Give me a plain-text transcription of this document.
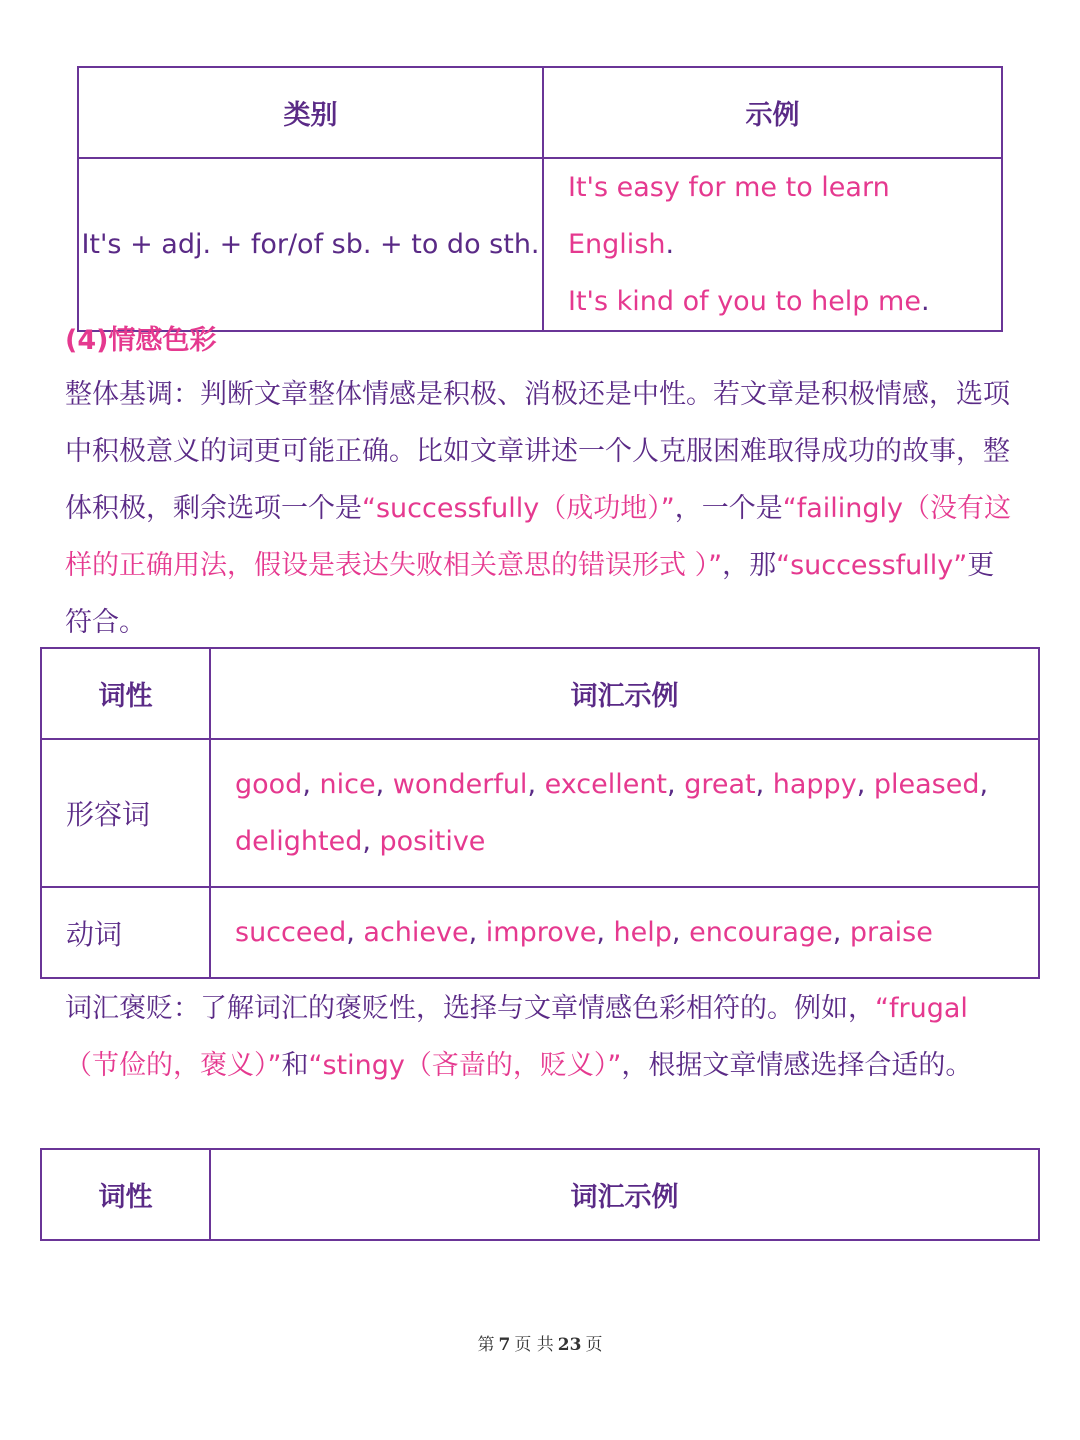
类别	示例
It's + adj. + for/of sb. + to do sth.	It's easy for me to learn English.
It's kind of you to help me.
(4)情感色彩
整体基调：判断文章整体情感是积极、消极还是中性。若文章是积极情感，选项中积极意义的词更可能正确。比如文章讲述一个人克服困难取得成功的故事，整体积极，剩余选项一个是“successfully（成功地）”，一个是“failingly（没有这样的正确用法，假设是表达失败相关意思的错误形式 ）”，那“successfully”更符合。
词性	词汇示例
形容词	good, nice, wonderful, excellent, great, happy, pleased,
delighted, positive
动词	succeed, achieve, improve, help, encourage, praise
词汇褒贬：了解词汇的褒贬性，选择与文章情感色彩相符的。例如，“frugal（节俭的，褒义）”和“stingy（吝啬的，贬义）”，根据文章情感选择合适的。
词性	词汇示例
第 7 页 共 23 页
